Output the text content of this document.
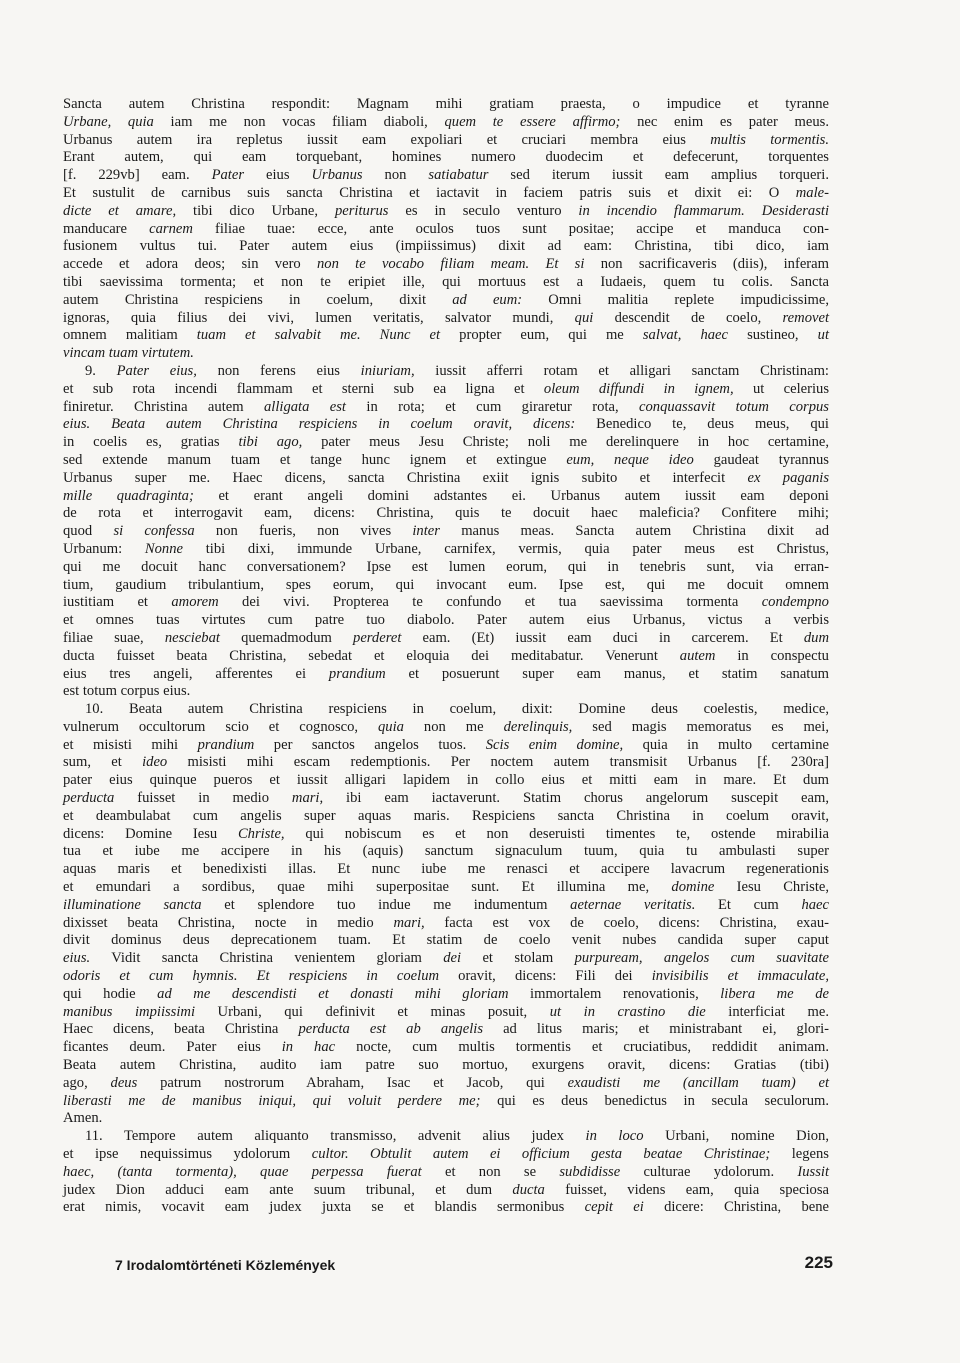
Sancta autem Christina respondit: Magnam mihi gratiam praesta, o impudice et tyranne
Urbane, quia iam me non vocas filiam diaboli, quem te essere affirmo; nec enim es pater meus.
Urbanus autem ira repletus iussit eam expoliari et cruciari membra eius multis tormentis.
Erant autem, qui eam torquebant, homines numero duodecim et defecerunt, torquentes
[f. 229vb] eam. Pater eius Urbanus non satiabatur sed iterum iussit eam amplius torqueri.
Et sustulit de carnibus suis sancta Christina et iactavit in faciem patris suis et dixit ei: O male-
dicte et amare, tibi dico Urbane, periturus es in seculo venturo in incendio flammarum. Desiderasti
manducare carnem filiae tuae: ecce, ante oculos tuos sunt positae; accipe et manduca con-
fusionem vultus tui. Pater autem eius (impiissimus) dixit ad eam: Christina, tibi dico, iam
accede et adora deos; sin vero non te vocabo filiam meam. Et si non sacrificaveris (diis), inferam
tibi saevissima tormenta; et non te eripiet ille, qui mortuus est a Iudaeis, quem tu colis. Sancta
autem Christina respiciens in coelum, dixit ad eum: Omni malitia replete impudicissime,
ignoras, quia filius dei vivi, lumen veritatis, salvator mundi, qui descendit de coelo, removet
omnem malitiam tuam et salvabit me. Nunc et propter eum, qui me salvat, haec sustineo, ut
vincam tuam virtutem.
9. Pater eius, non ferens eius iniuriam, iussit afferri rotam et alligari sanctam Christinam:
et sub rota incendi flammam et sterni sub ea ligna et oleum diffundi in ignem, ut celerius
finiretur. Christina autem alligata est in rota; et cum gir​aretur rota, conquassavit totum corpus
eius. Beata autem Christina respiciens in coelum oravit, dicens: Benedico te, deus meus, qui
in coelis es, gratias tibi ago, pater meus Jesu Christe; noli me derelinquere in hoc certamine,
sed extende manum tuam et tange hunc ignem et extingue eum, neque ideo gaudeat tyrannus
Urbanus super me. Haec dicens, sancta Christina exiit ignis subito et interfecit ex paganis
mille quadraginta; et erant angeli domini adstantes ei. Urbanus autem iussit eam deponi
de rota et interrogavit eam, dicens: Christina, quis te docuit haec maleficia? Confitere mihi;
quod si confessa non fueris, non vives inter manus meas. Sancta autem Christina dixit ad
Urbanum: Nonne tibi dixi, immunde Urbane, carnifex, vermis, quia pater meus est Christus,
qui me docuit hanc conversationem? Ipse est lumen eorum, qui in tenebris sunt, via erran-
tium, gaudium tribulantium, spes eorum, qui invocant eum. Ipse est, qui me docuit omnem
iustitiam et amorem dei vivi. Propterea te confundo et tua saevissima tormenta condempno
et omnes tuas virtutes cum patre tuo diabolo. Pater autem eius Urbanus, victus a verbis
filiae suae, nesciebat quemadmodum perderet eam. (Et) iussit eam duci in carcerem. Et dum
ducta fuisset beata Christina, sebedat et eloquia dei meditabatur. Venerunt autem in conspectu
eius tres angeli, afferentes ei prandium et posuerunt super eam manus, et statim sanatum
est totum corpus eius.
10. Beata autem Christina respiciens in coelum, dixit: Domine deus coelestis, medice,
vulnerum occultorum scio et cognosco, quia non me derelinquis, sed magis memoratus es mei,
et misisti mihi prandium per sanctos angelos tuos. Scis enim domine, quia in multo certamine
sum, et ideo misisti mihi escam redemptionis. Per noctem autem transmisit Urbanus [f. 230ra]
pater eius quinque pueros et iussit alligari lapidem in collo eius et mitti eam in mare. Et dum
perducta fuisset in medio mari, ibi eam iactaverunt. Statim chorus angelorum suscepit eam,
et deambulabat cum angelis super aquas maris. Respiciens sancta Christina in coelum oravit,
dicens: Domine Iesu Christe, qui nobiscum es et non deseruisti timentes te, ostende mirabilia
tua et iube me accipere in his (aquis) sanctum signaculum tuum, quia tu ambulasti super
aquas maris et benedixisti illas. Et nunc iube me renasci et accipere lavacrum regenerationis
et emundari a sordibus, quae mihi superpositae sunt. Et illumina me, domine Iesu Christe,
illuminatione sancta et splendore tuo indue me indumentum aeternae veritatis. Et cum haec
dixisset beata Christina, nocte in medio mari, facta est vox de coelo, dicens: Christina, exau-
divit dominus deus deprecationem tuam. Et statim de coelo venit nubes candida super caput
eius. Vidit sancta Christina venientem gloriam dei et stolam purpuream, angelos cum suavitate
odoris et cum hymnis. Et respiciens in coelum oravit, dicens: Fili dei invisibilis et immaculate,
qui hodie ad me descendisti et donasti mihi gloriam immortalem renovationis, libera me de
manibus impiissimi Urbani, qui definivit et minas posuit, ut in crastino die interficiat me.
Haec dicens, beata Christina perducta est ab angelis ad litus maris; et ministrabant ei, glori-
ficantes deum. Pater eius in hac nocte, cum multis tormentis et cruciatibus, reddidit animam.
Beata autem Christina, audito iam patre suo mortuo, exurgens oravit, dicens: Gratias (tibi)
ago, deus patrum nostrorum Abraham, Isac et Jacob, qui exaudisti me (ancillam tuam) et
liberasti me de manibus iniqui, qui voluit perdere me; qui es deus benedictus in secula seculorum.
Amen.
11. Tempore autem aliquanto transmisso, advenit alius judex in loco Urbani, nomine Dion,
et ipse nequissimus ydolorum cultor. Obtulit autem ei officium gesta beatae Christinae; legens
haec, (tanta tormenta), quae perpessa fuerat et non se subdidisse culturae ydolorum. Iussit
judex Dion adduci eam ante suum tribunal, et dum ducta fuisset, videns eam, quia speciosa
erat nimis, vocavit eam judex juxta se et blandis sermonibus cepit ei dicere: Christina, bene
7 Irodalomtörténeti Közlemények	225
